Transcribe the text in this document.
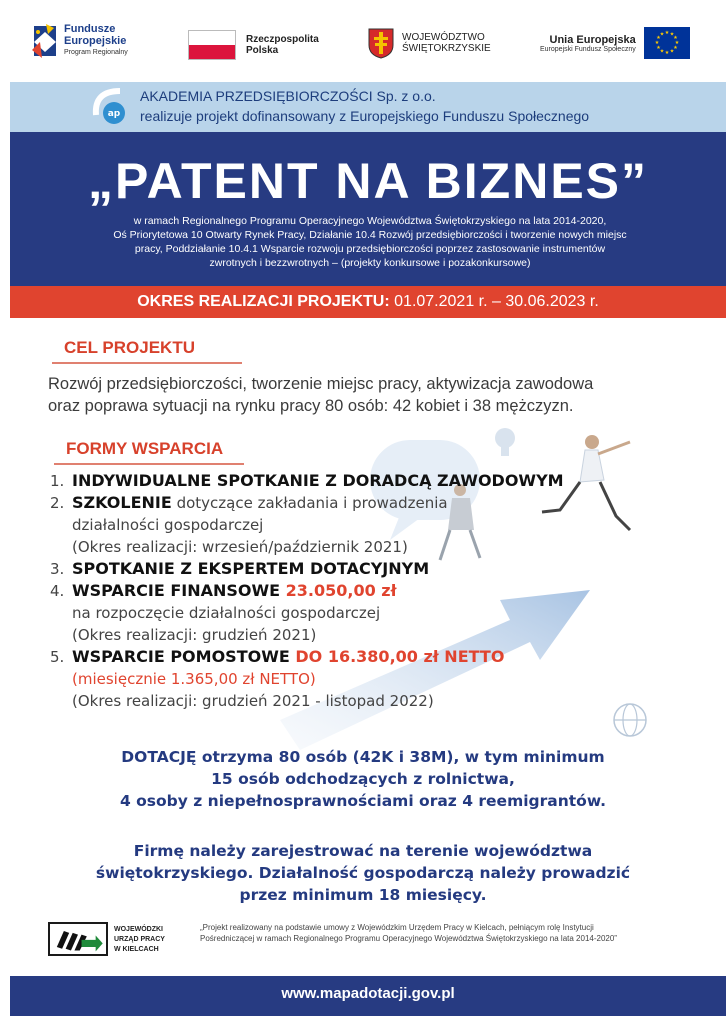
Fundusze
Europejskie
Program Regionalny
Rzeczpospolita
Polska
WOJEWÓDZTWO
ŚWIĘTOKRZYSKIE
Unia Europejska
Europejski Fundusz Społeczny
★ ★
★
★
★
★
★
★
★
★
★
★
ap
AKADEMIA PRZEDSIĘBIORCZOŚCI Sp. z o.o.
realizuje projekt dofinansowany z Europejskiego Funduszu Społecznego
„PATENT NA BIZNES”
w ramach Regionalnego Programu Operacyjnego Województwa Świętokrzyskiego na lata 2014-2020,
Oś Priorytetowa 10 Otwarty Rynek Pracy, Działanie 10.4 Rozwój przedsiębiorczości i tworzenie nowych miejsc
pracy, Poddziałanie 10.4.1 Wsparcie rozwoju przedsiębiorczości poprzez zastosowanie instrumentów
zwrotnych i bezzwrotnych – (projekty konkursowe i pozakonkursowe)
OKRES REALIZACJI PROJEKTU: 01.07.2021 r. – 30.06.2023 r.
CEL PROJEKTU
Rozwój przedsiębiorczości, tworzenie miejsc pracy, aktywizacja zawodowa
oraz poprawa sytuacji na rynku pracy 80 osób: 42 kobiet i 38 mężczyzn.
FORMY WSPARCIA
1. INDYWIDUALNE SPOTKANIE Z DORADCĄ ZAWODOWYM
2. SZKOLENIE dotyczące zakładania i prowadzenia
działalności gospodarczej
(Okres realizacji: wrzesień/październik 2021)
3. SPOTKANIE Z EKSPERTEM DOTACYJNYM
4. WSPARCIE FINANSOWE 23.050,00 zł
na rozpoczęcie działalności gospodarczej
(Okres realizacji: grudzień 2021)
5. WSPARCIE POMOSTOWE DO 16.380,00 zł NETTO
(miesięcznie 1.365,00 zł NETTO)
(Okres realizacji: grudzień 2021 - listopad 2022)
DOTACJĘ otrzyma 80 osób (42K i 38M), w tym minimum
15 osób odchodzących z rolnictwa,
4 osoby z niepełnosprawnościami oraz 4 reemigrantów.
Firmę należy zarejestrować na terenie województwa
świętokrzyskiego. Działalność gospodarczą należy prowadzić
przez minimum 18 miesięcy.
WOJEWÓDZKI
URZĄD PRACY
W KIELCACH
„Projekt realizowany na podstawie umowy z Wojewódzkim Urzędem Pracy w Kielcach, pełniącym rolę Instytucji
Pośredniczącej w ramach Regionalnego Programu Operacyjnego Województwa Świętokrzyskiego na lata 2014-2020”
www.mapadotacji.gov.pl
